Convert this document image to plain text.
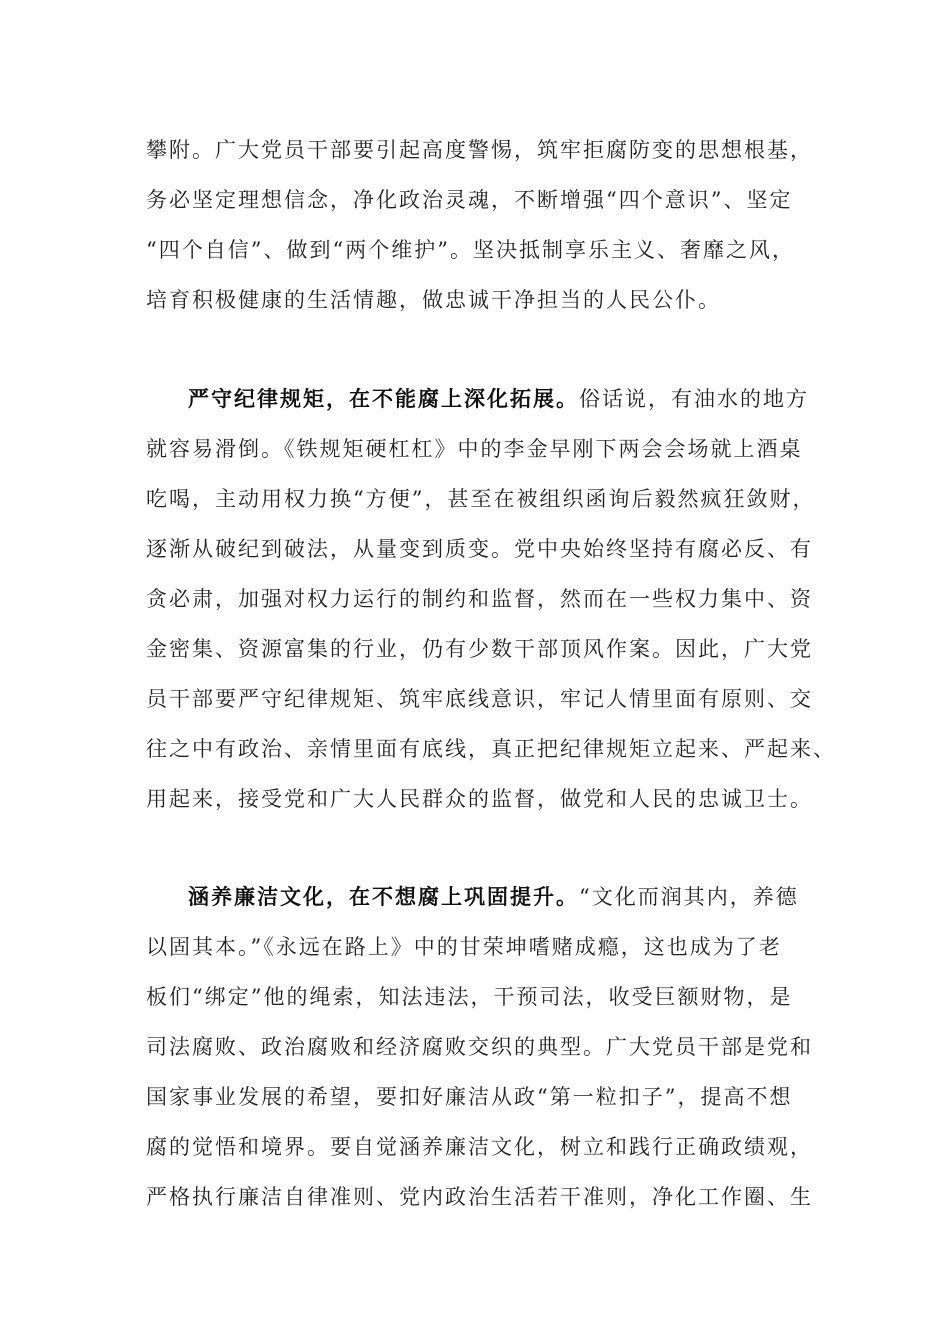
攀附。广大党员干部要引起高度警惕，筑牢拒腐防变的思想根基，
务必坚定理想信念，净化政治灵魂，不断增强“四个意识”、坚定
“四个自信”、做到“两个维护”。坚决抵制享乐主义、奢靡之风，
培育积极健康的生活情趣，做忠诚干净担当的人民公仆。
严守纪律规矩，在不能腐上深化拓展。俗话说，有油水的地方
就容易滑倒。《铁规矩硬杠杠》中的李金早刚下两会会场就上酒桌
吃喝，主动用权力换“方便”，甚至在被组织函询后毅然疯狂敛财，
逐渐从破纪到破法，从量变到质变。党中央始终坚持有腐必反、有
贪必肃，加强对权力运行的制约和监督，然而在一些权力集中、资
金密集、资源富集的行业，仍有少数干部顶风作案。因此，广大党
员干部要严守纪律规矩、筑牢底线意识，牢记人情里面有原则、交
往之中有政治、亲情里面有底线，真正把纪律规矩立起来、严起来、
用起来，接受党和广大人民群众的监督，做党和人民的忠诚卫士。
涵养廉洁文化，在不想腐上巩固提升。“文化而润其内，养德
以固其本。”《永远在路上》中的甘荣坤嗜赌成瘾，这也成为了老
板们“绑定”他的绳索，知法违法，干预司法，收受巨额财物，是
司法腐败、政治腐败和经济腐败交织的典型。广大党员干部是党和
国家事业发展的希望，要扣好廉洁从政“第一粒扣子”，提高不想
腐的觉悟和境界。要自觉涵养廉洁文化，树立和践行正确政绩观，
严格执行廉洁自律准则、党内政治生活若干准则，净化工作圈、生
